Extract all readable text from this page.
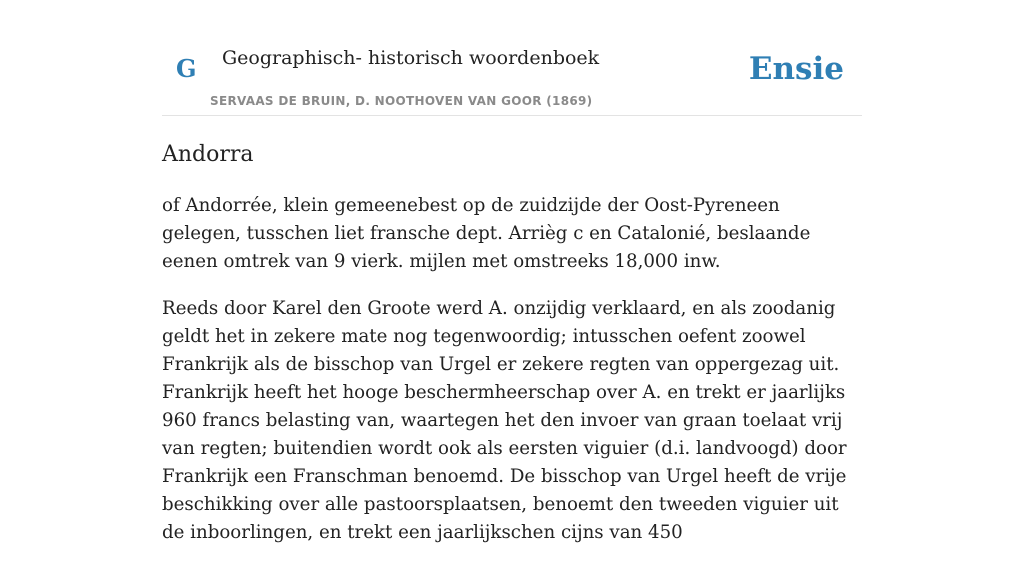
G Geographisch- historisch woordenboek
SERVAAS DE BRUIN, D. NOOTHOVEN VAN GOOR (1869)
Ensie
Andorra

of Andorrée, klein gemeenebest op de zuidzijde der Oost-Pyreneen gelegen, tusschen liet fransche dept. Arrièg c en Catalonié, beslaande eenen omtrek van 9 vierk. mijlen met omstreeks 18,000 inw.

Reeds door Karel den Groote werd A. onzijdig verklaard, en als zoodanig geldt het in zekere mate nog tegenwoordig; intusschen oefent zoowel Frankrijk als de bisschop van Urgel er zekere regten van oppergezag uit. Frankrijk heeft het hooge beschermheerschap over A. en trekt er jaarlijks 960 francs belasting van, waartegen het den invoer van graan toelaat vrij van regten; buitendien wordt ook als eersten viguier (d.i. landvoogd) door Frankrijk een Franschman benoemd. De bisschop van Urgel heeft de vrije beschikking over alle pastoorsplaatsen, benoemt den tweeden viguier uit de inboorlingen, en trekt een jaarlijkschen cijns van 450
